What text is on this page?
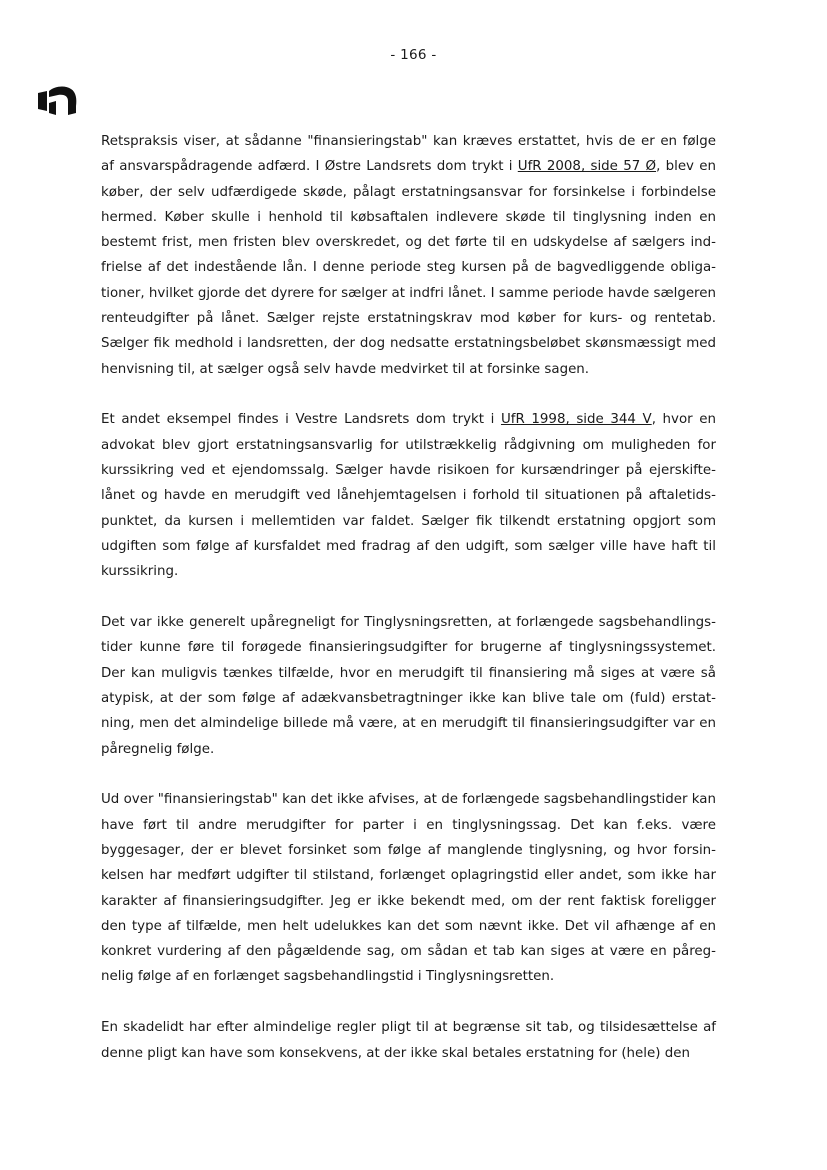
- 166 -

Retspraksis viser, at sådanne "finansieringstab" kan kræves erstattet, hvis de er en følge af ansvarspådragende adfærd. I Østre Landsrets dom trykt i UfR 2008, side 57 Ø, blev en køber, der selv udfærdigede skøde, pålagt erstatningsansvar for forsinkelse i forbindelse hermed. Køber skulle i henhold til købsaftalen indlevere skøde til tinglysning inden en bestemt frist, men fristen blev overskredet, og det førte til en udskydelse af sælgers indfrielse af det indestående lån. I denne periode steg kursen på de bagvedliggende obligationer, hvilket gjorde det dyrere for sælger at indfri lånet. I samme periode havde sælgeren renteudgifter på lånet. Sælger rejste erstatningskrav mod køber for kurs- og rentetab. Sælger fik medhold i landsretten, der dog nedsatte erstatningsbeløbet skønsmæssigt med henvisning til, at sælger også selv havde medvirket til at forsinke sagen.

Et andet eksempel findes i Vestre Landsrets dom trykt i UfR 1998, side 344 V, hvor en advokat blev gjort erstatningsansvarlig for utilstrækkelig rådgivning om muligheden for kurssikring ved et ejendomssalg. Sælger havde risikoen for kursændringer på ejerskiftelånet og havde en merudgift ved lånehjemtagelsen i forhold til situationen på aftaletidspunktet, da kursen i mellemtiden var faldet. Sælger fik tilkendt erstatning opgjort som udgiften som følge af kursfaldet med fradrag af den udgift, som sælger ville have haft til kurssikring.

Det var ikke generelt upåregneligt for Tinglysningsretten, at forlængede sagsbehandlingstider kunne føre til forøgede finansieringsudgifter for brugerne af tinglysningssystemet. Der kan muligvis tænkes tilfælde, hvor en merudgift til finansiering må siges at være så atypisk, at der som følge af adækvansbetragtninger ikke kan blive tale om (fuld) erstatning, men det almindelige billede må være, at en merudgift til finansieringsudgifter var en påregnelig følge.

Ud over "finansieringstab" kan det ikke afvises, at de forlængede sagsbehandlingstider kan have ført til andre merudgifter for parter i en tinglysningssag. Det kan f.eks. være byggesager, der er blevet forsinket som følge af manglende tinglysning, og hvor forsinkelsen har medført udgifter til stilstand, forlænget oplagringstid eller andet, som ikke har karakter af finansieringsudgifter. Jeg er ikke bekendt med, om der rent faktisk foreligger den type af tilfælde, men helt udelukkes kan det som nævnt ikke. Det vil afhænge af en konkret vurdering af den pågældende sag, om sådan et tab kan siges at være en påregnelig følge af en forlænget sagsbehandlingstid i Tinglysningsretten.

En skadelidt har efter almindelige regler pligt til at begrænse sit tab, og tilsidesættelse af denne pligt kan have som konsekvens, at der ikke skal betales erstatning for (hele) den
